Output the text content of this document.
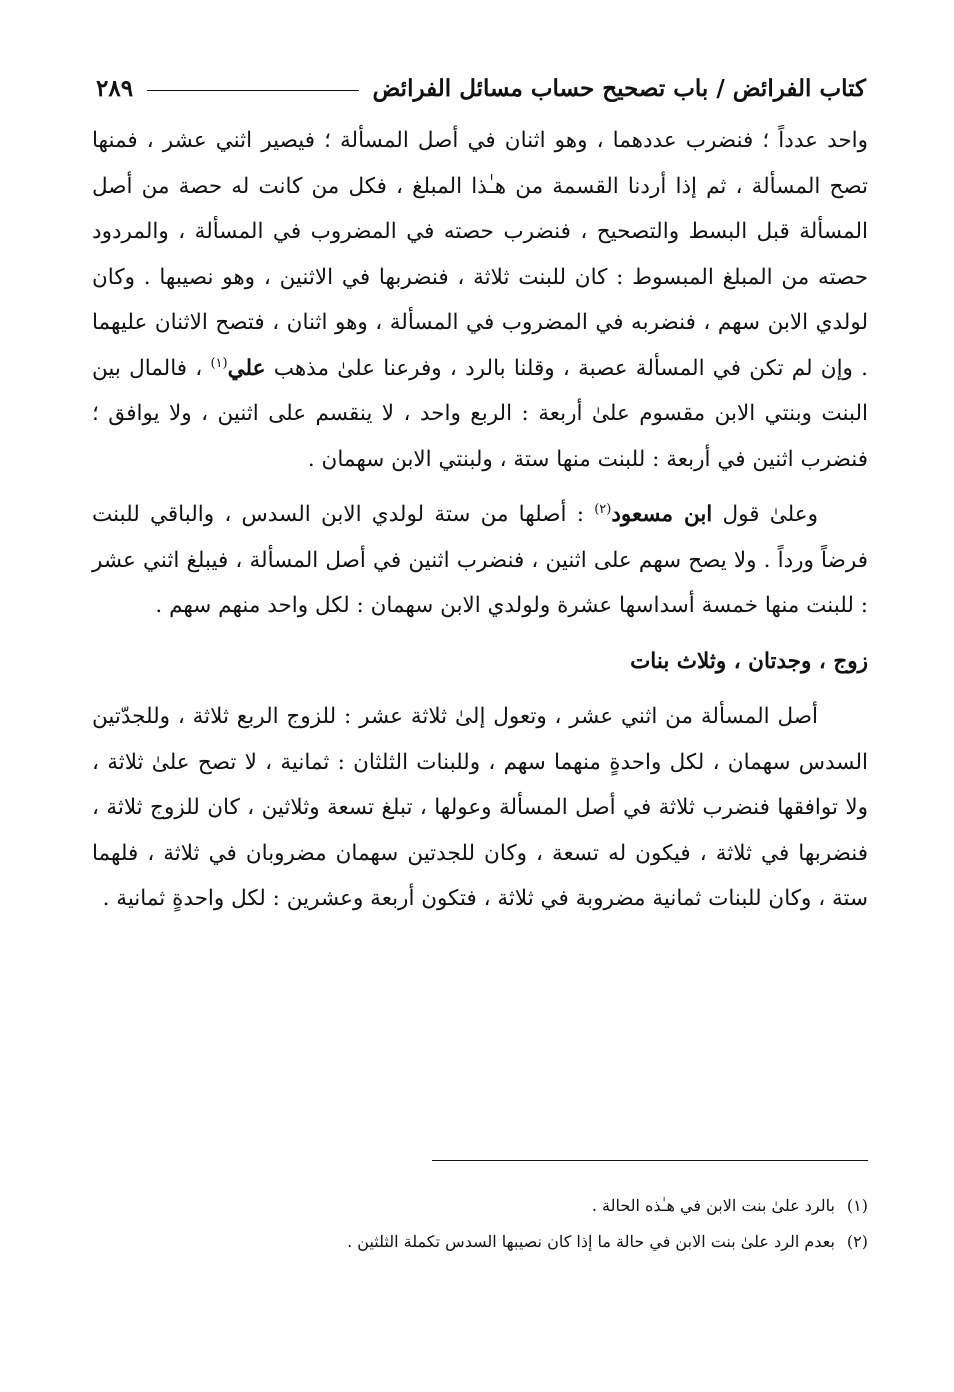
كتاب الفرائض / باب تصحيح حساب مسائل الفرائض
٢٨٩

واحد عدداً ؛ فنضرب عددهما ، وهو اثنان في أصل المسألة ؛ فيصير اثني عشر ، فمنها تصح المسألة ، ثم إذا أردنا القسمة من هـٰذا المبلغ ، فكل من كانت له حصة من أصل المسألة قبل البسط والتصحيح ، فنضرب حصته في المضروب في المسألة ، والمردود حصته من المبلغ المبسوط : كان للبنت ثلاثة ، فنضربها في الاثنين ، وهو نصيبها . وكان لولدي الابن سهم ، فنضربه في المضروب في المسألة ، وهو اثنان ، فتصح الاثنان عليهما . وإن لم تكن في المسألة عصبة ، وقلنا بالرد ، وفرعنا علىٰ مذهب علي$^{(١)}$ ، فالمال بين البنت وبنتي الابن مقسوم علىٰ أربعة : الربع واحد ، لا ينقسم على اثنين ، ولا يوافق ؛ فنضرب اثنين في أربعة : للبنت منها ستة ، ولبنتي الابن سهمان .

وعلىٰ قول ابن مسعود$^{(٢)}$ : أصلها من ستة لولدي الابن السدس ، والباقي للبنت فرضاً ورداً . ولا يصح سهم على اثنين ، فنضرب اثنين في أصل المسألة ، فيبلغ اثني عشر : للبنت منها خمسة أسداسها عشرة ولولدي الابن سهمان : لكل واحد منهم سهم .

زوج ، وجدتان ، وثلاث بنات

أصل المسألة من اثني عشر ، وتعول إلىٰ ثلاثة عشر : للزوج الربع ثلاثة ، وللجدّتين السدس سهمان ، لكل واحدةٍ منهما سهم ، وللبنات الثلثان : ثمانية ، لا تصح علىٰ ثلاثة ، ولا توافقها فنضرب ثلاثة في أصل المسألة وعولها ، تبلغ تسعة وثلاثين ، كان للزوج ثلاثة ، فنضربها في ثلاثة ، فيكون له تسعة ، وكان للجدتين سهمان مضروبان في ثلاثة ، فلهما ستة ، وكان للبنات ثمانية مضروبة في ثلاثة ، فتكون أربعة وعشرين : لكل واحدةٍ ثمانية .

(١)
بالرد علىٰ بنت الابن في هـٰذه الحالة .
(٢)
بعدم الرد علىٰ بنت الابن في حالة ما إذا كان نصيبها السدس تكملة الثلثين .
